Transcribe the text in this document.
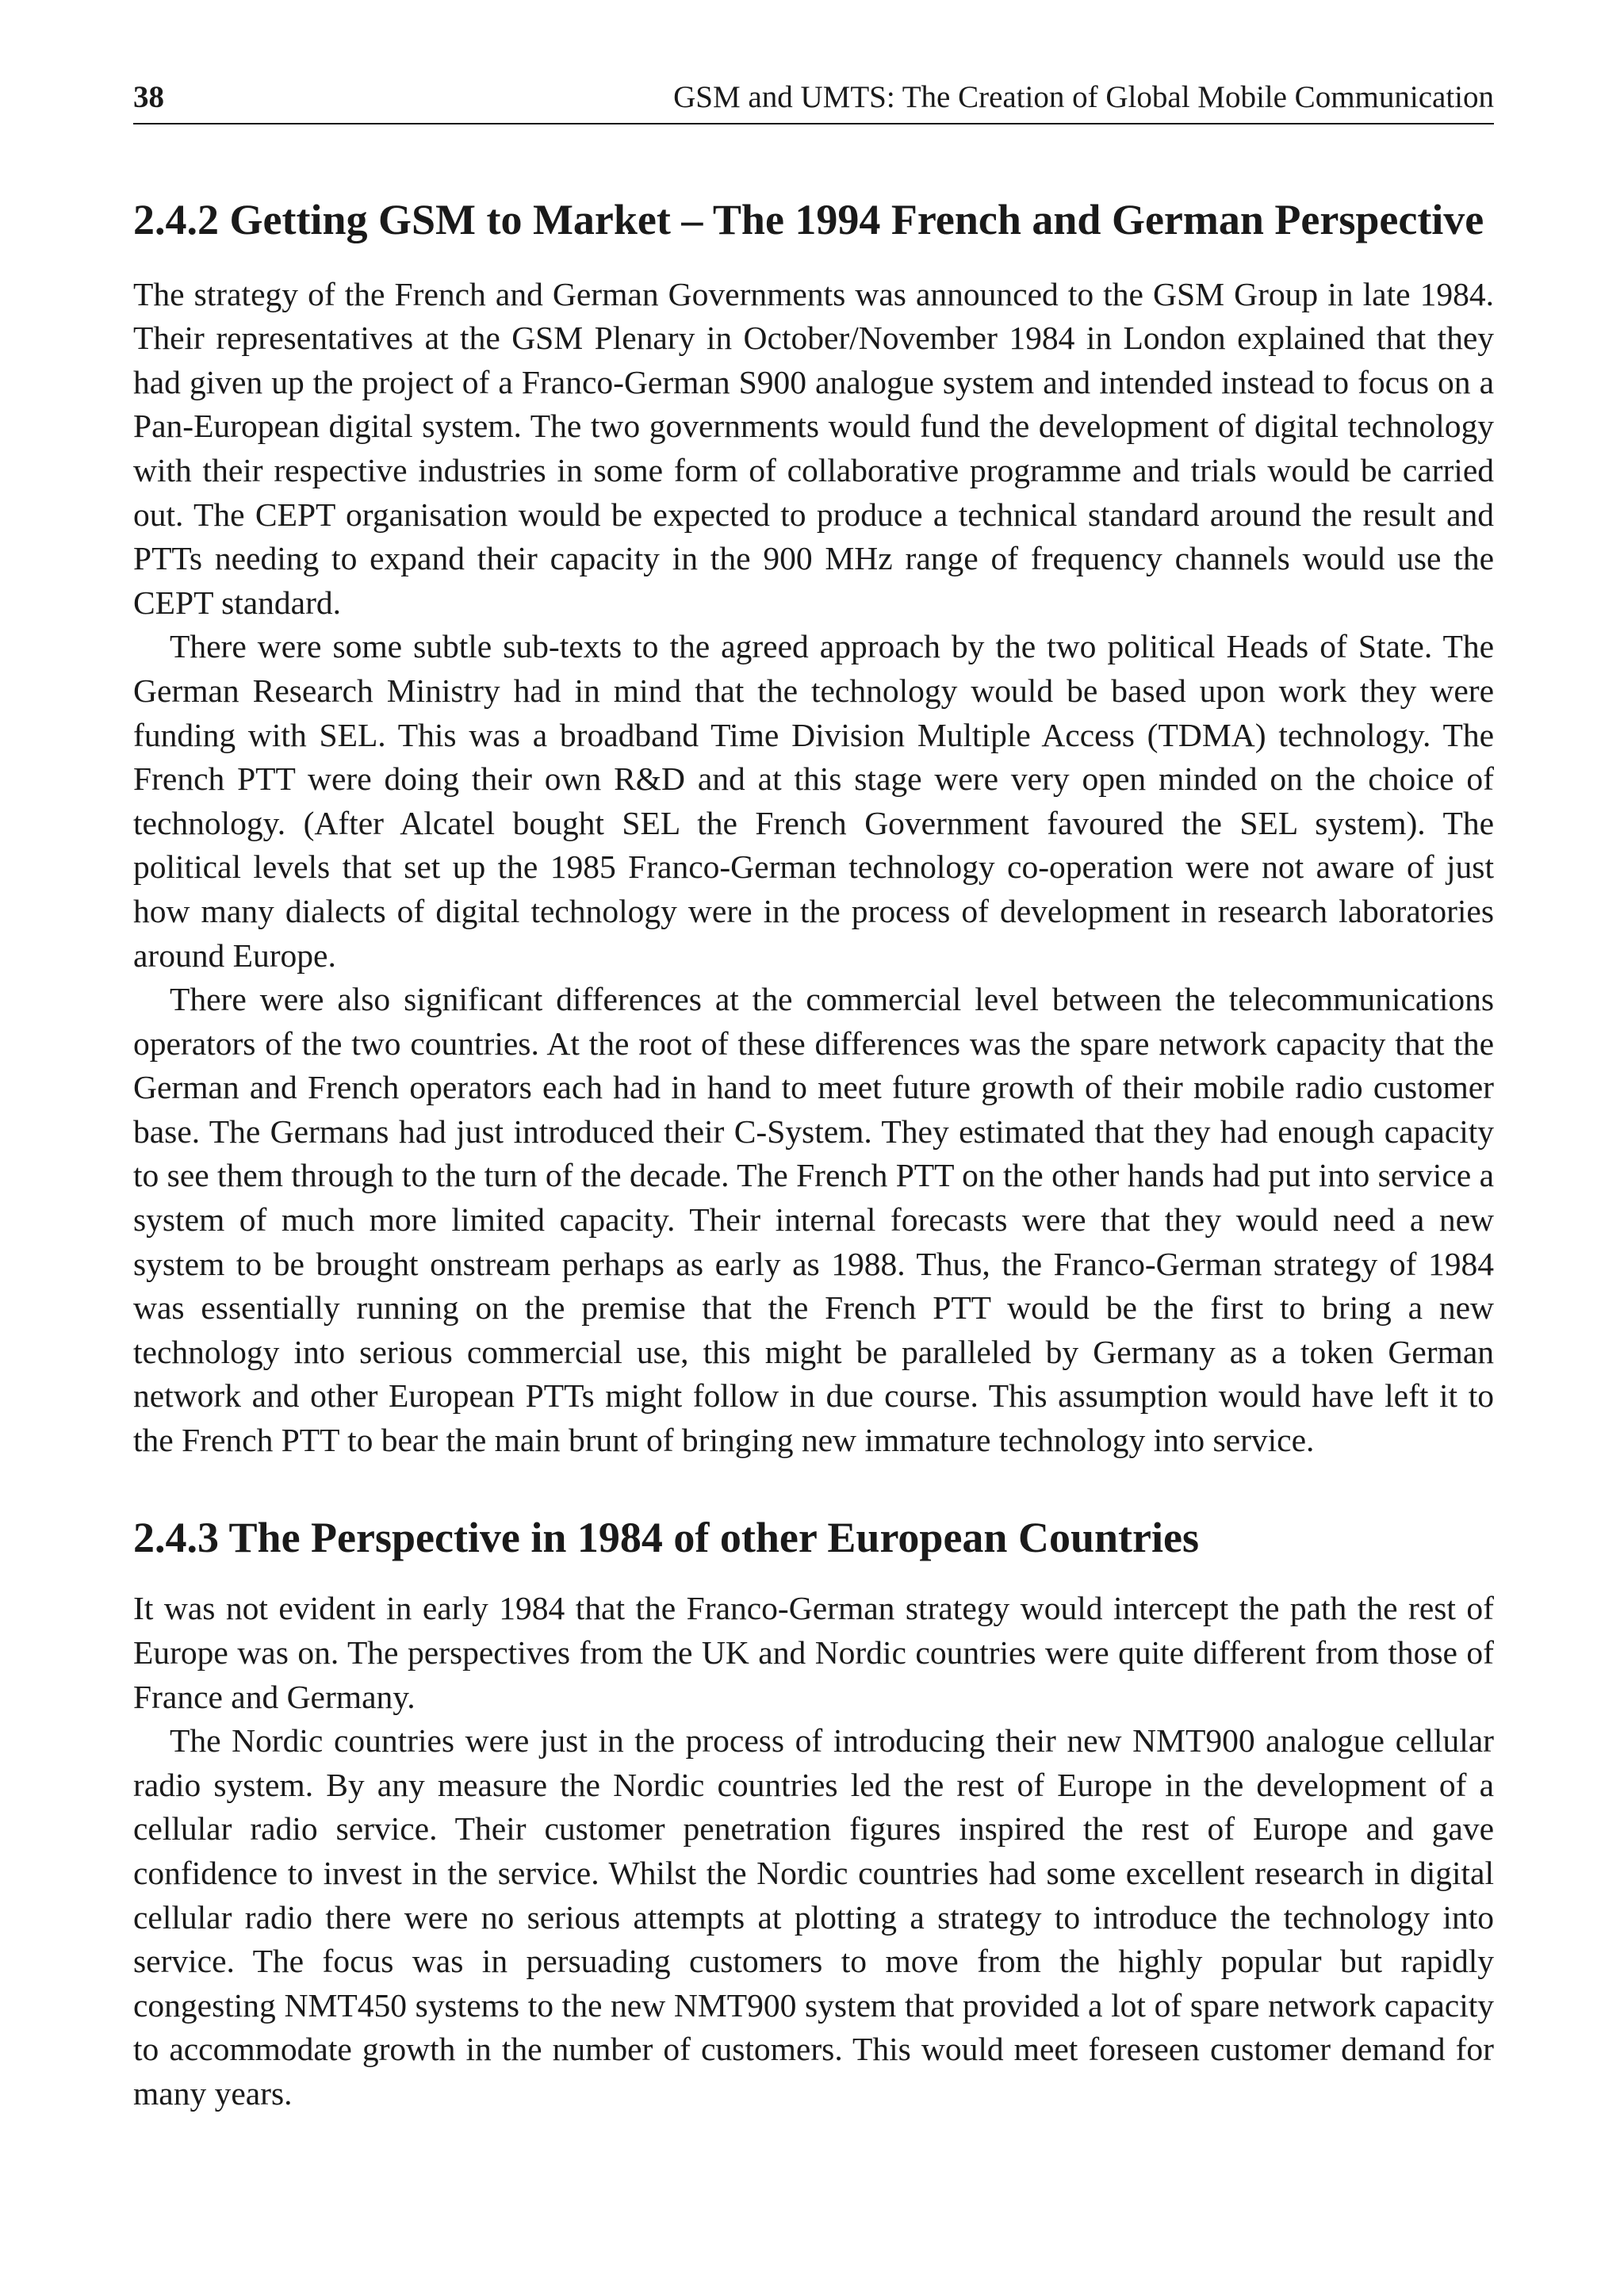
38	GSM and UMTS: The Creation of Global Mobile Communication
2.4.2 Getting GSM to Market – The 1994 French and German Perspective

The strategy of the French and German Governments was announced to the GSM Group in late 1984. Their representatives at the GSM Plenary in October/November 1984 in London explained that they had given up the project of a Franco-German S900 analogue system and intended instead to focus on a Pan-European digital system. The two governments would fund the development of digital technology with their respective industries in some form of collaborative programme and trials would be carried out. The CEPT organisation would be expected to produce a technical standard around the result and PTTs needing to expand their capacity in the 900 MHz range of frequency channels would use the CEPT standard.

There were some subtle sub-texts to the agreed approach by the two political Heads of State. The German Research Ministry had in mind that the technology would be based upon work they were funding with SEL. This was a broadband Time Division Multiple Access (TDMA) technology. The French PTT were doing their own R&D and at this stage were very open minded on the choice of technology. (After Alcatel bought SEL the French Government favoured the SEL system). The political levels that set up the 1985 Franco-German technology co-operation were not aware of just how many dialects of digital technology were in the process of development in research laboratories around Europe.

There were also significant differences at the commercial level between the telecommunications operators of the two countries. At the root of these differences was the spare network capacity that the German and French operators each had in hand to meet future growth of their mobile radio customer base. The Germans had just introduced their C-System. They estimated that they had enough capacity to see them through to the turn of the decade. The French PTT on the other hands had put into service a system of much more limited capacity. Their internal forecasts were that they would need a new system to be brought onstream perhaps as early as 1988. Thus, the Franco-German strategy of 1984 was essentially running on the premise that the French PTT would be the first to bring a new technology into serious commercial use, this might be paralleled by Germany as a token German network and other European PTTs might follow in due course. This assumption would have left it to the French PTT to bear the main brunt of bringing new immature technology into service.

2.4.3 The Perspective in 1984 of other European Countries

It was not evident in early 1984 that the Franco-German strategy would intercept the path the rest of Europe was on. The perspectives from the UK and Nordic countries were quite different from those of France and Germany.

The Nordic countries were just in the process of introducing their new NMT900 analogue cellular radio system. By any measure the Nordic countries led the rest of Europe in the development of a cellular radio service. Their customer penetration figures inspired the rest of Europe and gave confidence to invest in the service. Whilst the Nordic countries had some excellent research in digital cellular radio there were no serious attempts at plotting a strategy to introduce the technology into service. The focus was in persuading customers to move from the highly popular but rapidly congesting NMT450 systems to the new NMT900 system that provided a lot of spare network capacity to accommodate growth in the number of customers. This would meet foreseen customer demand for many years.
